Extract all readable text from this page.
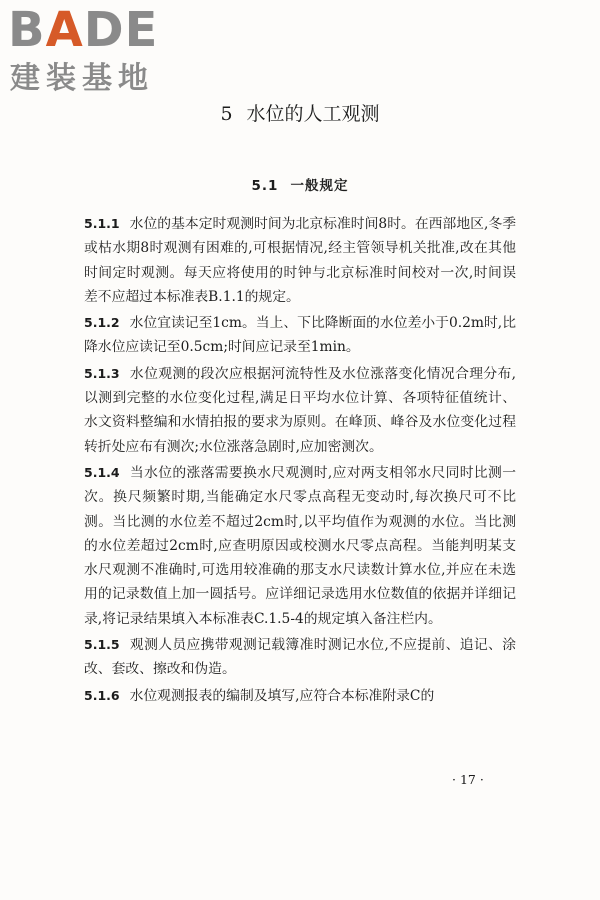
BADE
建装基地
5 水位的人工观测
5.1 一般规定

5.1.1 水位的基本定时观测时间为北京标准时间8时。在西部地区,冬季或枯水期8时观测有困难的,可根据情况,经主管领导机关批准,改在其他时间定时观测。每天应将使用的时钟与北京标准时间校对一次,时间误差不应超过本标准表B.1.1的规定。

5.1.2 水位宜读记至1cm。当上、下比降断面的水位差小于0.2m时,比降水位应读记至0.5cm;时间应记录至1min。

5.1.3 水位观测的段次应根据河流特性及水位涨落变化情况合理分布,以测到完整的水位变化过程,满足日平均水位计算、各项特征值统计、水文资料整编和水情拍报的要求为原则。在峰顶、峰谷及水位变化过程转折处应布有测次;水位涨落急剧时,应加密测次。

5.1.4 当水位的涨落需要换水尺观测时,应对两支相邻水尺同时比测一次。换尺频繁时期,当能确定水尺零点高程无变动时,每次换尺可不比测。当比测的水位差不超过2cm时,以平均值作为观测的水位。当比测的水位差超过2cm时,应查明原因或校测水尺零点高程。当能判明某支水尺观测不准确时,可选用较准确的那支水尺读数计算水位,并应在未选用的记录数值上加一圆括号。应详细记录选用水位数值的依据并详细记录,将记录结果填入本标准表C.1.5-4的规定填入备注栏内。

5.1.5 观测人员应携带观测记载簿准时测记水位,不应提前、追记、涂改、套改、擦改和伪造。

5.1.6 水位观测报表的编制及填写,应符合本标准附录C的

· 17 ·
